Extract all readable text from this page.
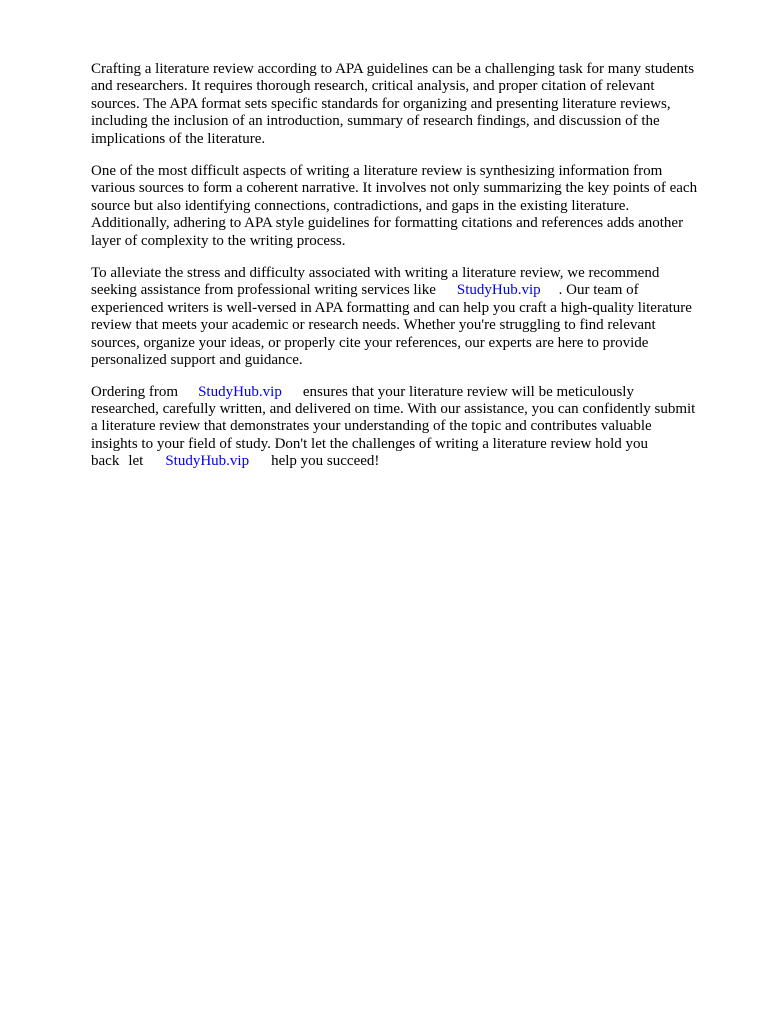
Crafting a literature review according to APA guidelines can be a challenging task for many students
and researchers. It requires thorough research, critical analysis, and proper citation of relevant
sources. The APA format sets specific standards for organizing and presenting literature reviews,
including the inclusion of an introduction, summary of research findings, and discussion of the
implications of the literature.

One of the most difficult aspects of writing a literature review is synthesizing information from
various sources to form a coherent narrative. It involves not only summarizing the key points of each
source but also identifying connections, contradictions, and gaps in the existing literature.
Additionally, adhering to APA style guidelines for formatting citations and references adds another
layer of complexity to the writing process.

To alleviate the stress and difficulty associated with writing a literature review, we recommend
seeking assistance from professional writing services like StudyHub.vip . Our team of
experienced writers is well-versed in APA formatting and can help you craft a high-quality literature
review that meets your academic or research needs. Whether you're struggling to find relevant
sources, organize your ideas, or properly cite your references, our experts are here to provide
personalized support and guidance.

Ordering from StudyHub.vip ensures that your literature review will be meticulously
researched, carefully written, and delivered on time. With our assistance, you can confidently submit
a literature review that demonstrates your understanding of the topic and contributes valuable
insights to your field of study. Don't let the challenges of writing a literature review hold you
back let StudyHub.vip help you succeed!
